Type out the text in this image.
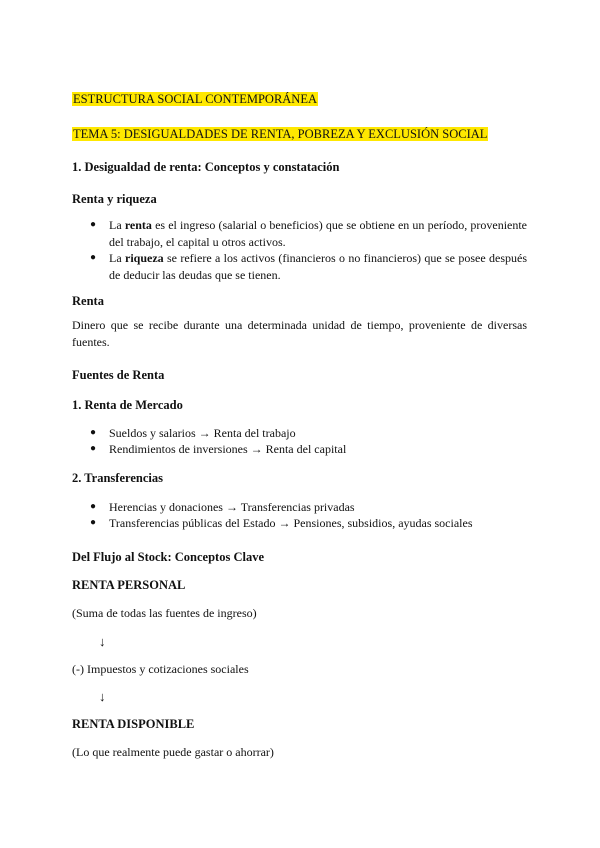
ESTRUCTURA SOCIAL CONTEMPORÁNEA
TEMA 5: DESIGUALDADES DE RENTA, POBREZA Y EXCLUSIÓN SOCIAL
1. Desigualdad de renta: Conceptos y constatación
Renta y riqueza
● La renta es el ingreso (salarial o beneficios) que se obtiene en un período, proveniente del trabajo, el capital u otros activos.
● La riqueza se refiere a los activos (financieros o no financieros) que se posee después de deducir las deudas que se tienen.
Renta
Dinero que se recibe durante una determinada unidad de tiempo, proveniente de diversas fuentes.
Fuentes de Renta
1. Renta de Mercado
● Sueldos y salarios → Renta del trabajo
● Rendimientos de inversiones → Renta del capital
2. Transferencias
● Herencias y donaciones → Transferencias privadas
● Transferencias públicas del Estado → Pensiones, subsidios, ayudas sociales
Del Flujo al Stock: Conceptos Clave
RENTA PERSONAL
(Suma de todas las fuentes de ingreso)
↓
(-) Impuestos y cotizaciones sociales
↓
RENTA DISPONIBLE
(Lo que realmente puede gastar o ahorrar)
